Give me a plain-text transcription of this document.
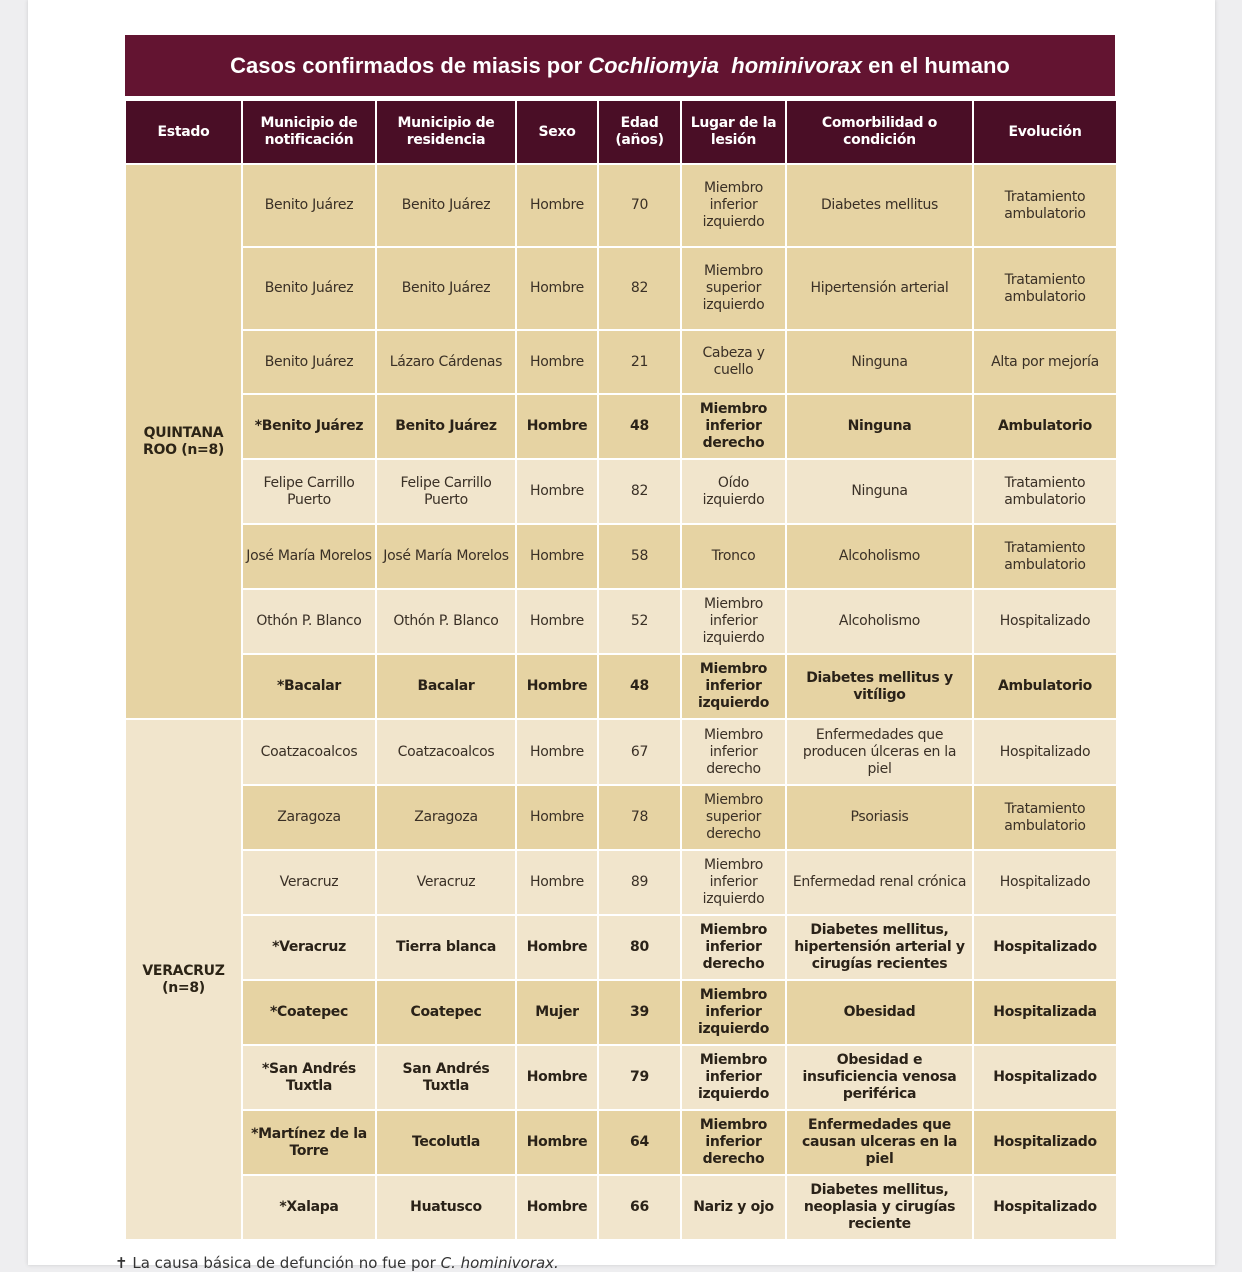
Casos confirmados de miasis por Cochliomyia  hominivorax en el humano
Estado	Municipio de notificación	Municipio de residencia	Sexo	Edad (años)	Lugar de la lesión	Comorbilidad o condición	Evolución
QUINTANA ROO (n=8)	Benito Juárez	Benito Juárez	Hombre	70	Miembro inferior izquierdo	Diabetes mellitus	Tratamiento ambulatorio
	Benito Juárez	Benito Juárez	Hombre	82	Miembro superior izquierdo	Hipertensión arterial	Tratamiento ambulatorio
	Benito Juárez	Lázaro Cárdenas	Hombre	21	Cabeza y cuello	Ninguna	Alta por mejoría
	*Benito Juárez	Benito Juárez	Hombre	48	Miembro inferior derecho	Ninguna	Ambulatorio
	Felipe Carrillo Puerto	Felipe Carrillo Puerto	Hombre	82	Oído izquierdo	Ninguna	Tratamiento ambulatorio
	José María Morelos	José María Morelos	Hombre	58	Tronco	Alcoholismo	Tratamiento ambulatorio
	Othón P. Blanco	Othón P. Blanco	Hombre	52	Miembro inferior izquierdo	Alcoholismo	Hospitalizado
	*Bacalar	Bacalar	Hombre	48	Miembro inferior izquierdo	Diabetes mellitus y vitíligo	Ambulatorio
VERACRUZ (n=8)	Coatzacoalcos	Coatzacoalcos	Hombre	67	Miembro inferior derecho	Enfermedades que producen úlceras en la piel	Hospitalizado
	Zaragoza	Zaragoza	Hombre	78	Miembro superior derecho	Psoriasis	Tratamiento ambulatorio
	Veracruz	Veracruz	Hombre	89	Miembro inferior izquierdo	Enfermedad renal crónica	Hospitalizado
	*Veracruz	Tierra blanca	Hombre	80	Miembro inferior derecho	Diabetes mellitus, hipertensión arterial y cirugías recientes	Hospitalizado
	*Coatepec	Coatepec	Mujer	39	Miembro inferior izquierdo	Obesidad	Hospitalizada
	*San Andrés Tuxtla	San Andrés Tuxtla	Hombre	79	Miembro inferior izquierdo	Obesidad e insuficiencia venosa periférica	Hospitalizado
	*Martínez de la Torre	Tecolutla	Hombre	64	Miembro inferior derecho	Enfermedades que causan ulceras en la piel	Hospitalizado
	*Xalapa	Huatusco	Hombre	66	Nariz y ojo	Diabetes mellitus, neoplasia y cirugías reciente	Hospitalizado
✝ La causa básica de defunción no fue por C. hominivorax.
